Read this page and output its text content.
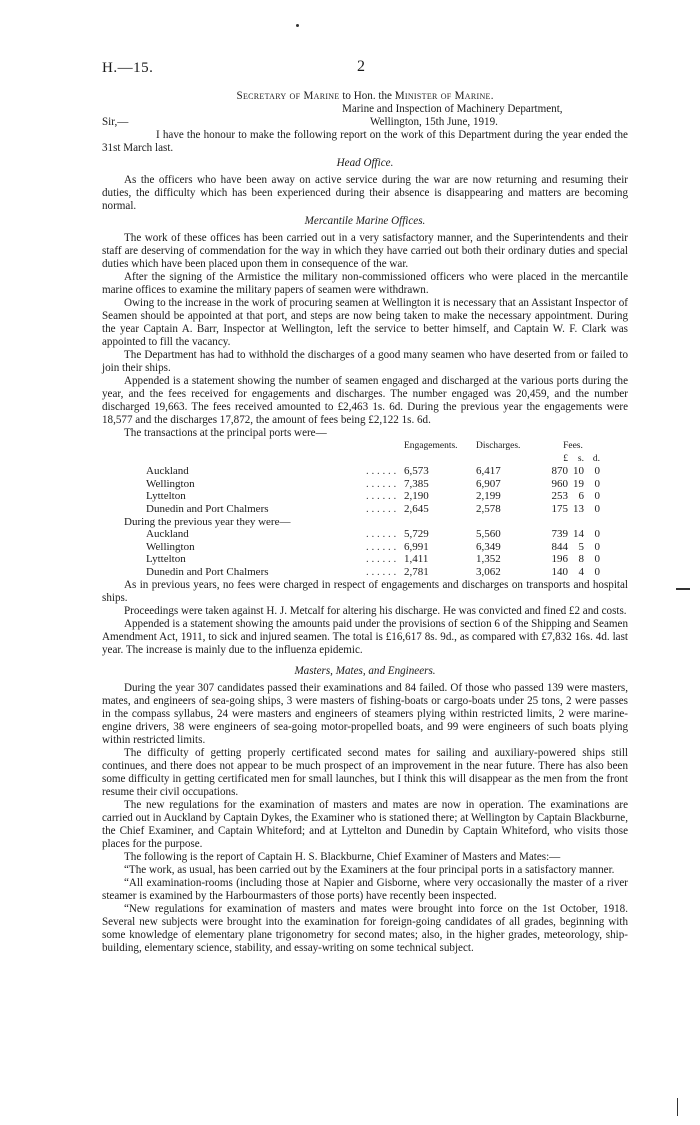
H.—15.	2
Secretary of Marine to Hon. the Minister of Marine.
Marine and Inspection of Machinery Department,
Sir,—	Wellington, 15th June, 1919.

I have the honour to make the following report on the work of this Department during the year ended the 31st March last.

Head Office.

As the officers who have been away on active service during the war are now returning and resuming their duties, the difficulty which has been experienced during their absence is disappearing and matters are becoming normal.

Mercantile Marine Offices.

The work of these offices has been carried out in a very satisfactory manner, and the Superintendents and their staff are deserving of commendation for the way in which they have carried out both their ordinary duties and special duties which have been placed upon them in consequence of the war.

After the signing of the Armistice the military non-commissioned officers who were placed in the mercantile marine offices to examine the military papers of seamen were withdrawn.

Owing to the increase in the work of procuring seamen at Wellington it is necessary that an Assistant Inspector of Seamen should be appointed at that port, and steps are now being taken to make the necessary appointment. During the year Captain A. Barr, Inspector at Wellington, left the service to better himself, and Captain W. F. Clark was appointed to fill the vacancy.

The Department has had to withhold the discharges of a good many seamen who have deserted from or failed to join their ships.

Appended is a statement showing the number of seamen engaged and discharged at the various ports during the year, and the fees received for engagements and discharges. The number engaged was 20,459, and the number discharged 19,663. The fees received amounted to £2,463 1s. 6d. During the previous year the engagements were 18,577 and the discharges 17,872, the amount of fees being £2,122 1s. 6d.

The transactions at the principal ports were—

		Engagements.	Discharges.	Fees.		
				£	s.	d.
Auckland	. . . . . .	6,573	6,417	870	10	0
Wellington	. . . . . .	7,385	6,907	960	19	0
Lyttelton	. . . . . .	2,190	2,199	253	6	0
Dunedin and Port Chalmers	. . . . . .	2,645	2,578	175	13	0
During the previous year they were—						
Auckland	. . . . . .	5,729	5,560	739	14	0
Wellington	. . . . . .	6,991	6,349	844	5	0
Lyttelton	. . . . . .	1,411	1,352	196	8	0
Dunedin and Port Chalmers	. . . . . .	2,781	3,062	140	4	0

As in previous years, no fees were charged in respect of engagements and discharges on transports and hospital ships.

Proceedings were taken against H. J. Metcalf for altering his discharge. He was convicted and fined £2 and costs.

Appended is a statement showing the amounts paid under the provisions of section 6 of the Shipping and Seamen Amendment Act, 1911, to sick and injured seamen. The total is £16,617 8s. 9d., as compared with £7,832 16s. 4d. last year. The increase is mainly due to the influenza epidemic.

Masters, Mates, and Engineers.

During the year 307 candidates passed their examinations and 84 failed. Of those who passed 139 were masters, mates, and engineers of sea-going ships, 3 were masters of fishing-boats or cargo-boats under 25 tons, 2 were passes in the compass syllabus, 24 were masters and engineers of steamers plying within restricted limits, 2 were marine-engine drivers, 38 were engineers of sea-going motor-propelled boats, and 99 were engineers of such boats plying within restricted limits.

The difficulty of getting properly certificated second mates for sailing and auxiliary-powered ships still continues, and there does not appear to be much prospect of an improvement in the near future. There has also been some difficulty in getting certificated men for small launches, but I think this will disappear as the men from the front resume their civil occupations.

The new regulations for the examination of masters and mates are now in operation. The examinations are carried out in Auckland by Captain Dykes, the Examiner who is stationed there; at Wellington by Captain Blackburne, the Chief Examiner, and Captain Whiteford; and at Lyttelton and Dunedin by Captain Whiteford, who visits those places for the purpose.

The following is the report of Captain H. S. Blackburne, Chief Examiner of Masters and Mates:—

“The work, as usual, has been carried out by the Examiners at the four principal ports in a satisfactory manner.

“All examination-rooms (including those at Napier and Gisborne, where very occasionally the master of a river steamer is examined by the Harbourmasters of those ports) have recently been inspected.

“New regulations for examination of masters and mates were brought into force on the 1st October, 1918. Several new subjects were brought into the examination for foreign-going candidates of all grades, beginning with some knowledge of elementary plane trigonometry for second mates; also, in the higher grades, meteorology, ship-building, elementary science, stability, and essay-writing on some technical subject.
